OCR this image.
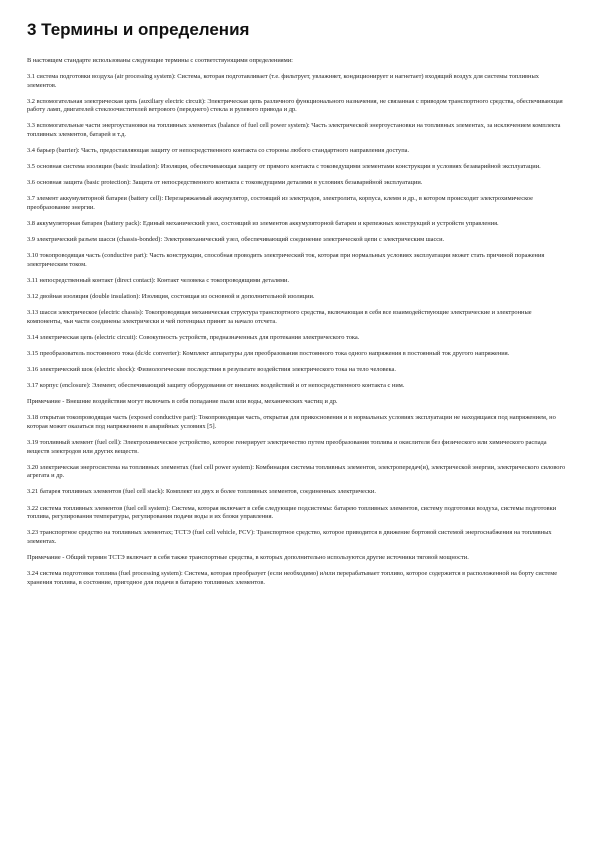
3 Термины и определения

В настоящем стандарте использованы следующие термины с соответствующими определениями:

3.1 система подготовки воздуха (air processing system): Система, которая подготавливает (т.е. фильтрует, увлажняет, кондиционирует и нагнетает) входящий воздух для системы топливных элементов.

3.2 вспомогательная электрическая цепь (auxiliary electric circuit): Электрическая цепь различного функционального назначения, не связанная с приводом транспортного средства, обеспечивающая работу ламп, двигателей стеклоочистителей ветрового (переднего) стекла и рулевого привода и др.

3.3 вспомогательные части энергоустановки на топливных элементах (balance of fuel cell power system): Часть электрической энергоустановки на топливных элементах, за исключением комплекта топливных элементов, батарей и т.д.

3.4 барьер (barrier): Часть, предоставляющая защиту от непосредственного контакта со стороны любого стандартного направления доступа.

3.5 основная система изоляции (basic insulation): Изоляция, обеспечивающая защиту от прямого контакта с токоведущими элементами конструкции в условиях безаварийной эксплуатации.

3.6 основная защита (basic protection): Защита от непосредственного контакта с токоведущими деталями в условиях безаварийной эксплуатации.

3.7 элемент аккумуляторной батареи (battery cell): Перезаряжаемый аккумулятор, состоящий из электродов, электролита, корпуса, клемм и др., в котором происходит электрохимическое преобразование энергии.

3.8 аккумуляторная батарея (battery pack): Единый механический узел, состоящий из элементов аккумуляторной батареи и крепежных конструкций и устройств управления.

3.9 электрический разъем шасси (chassis-bonded): Электромеханический узел, обеспечивающий соединение электрической цепи с электрическим шасси.

3.10 токопроводящая часть (conductive part): Часть конструкции, способная проводить электрический ток, которая при нормальных условиях эксплуатации может стать причиной поражения электрическим током.

3.11 непосредственный контакт (direct contact): Контакт человека с токопроводящими деталями.

3.12 двойная изоляция (double insulation): Изоляция, состоящая из основной и дополнительной изоляции.

3.13 шасси электрическое (electric chassis): Токопроводящая механическая структура транспортного средства, включающая в себя все взаимодействующие электрические и электронные компоненты, чьи части соединены электрически и чей потенциал принят за начало отсчета.

3.14 электрическая цепь (electric circuit): Совокупность устройств, предназначенных для протекания электрического тока.

3.15 преобразователь постоянного тока (dc/dc converter): Комплект аппаратуры для преобразования постоянного тока одного напряжения в постоянный ток другого напряжения.

3.16 электрический шок (electric shock): Физиологические последствия в результате воздействия электрического тока на тело человека.

3.17 корпус (enclosure): Элемент, обеспечивающий защиту оборудования от внешних воздействий и от непосредственного контакта с ним.

Примечание - Внешние воздействия могут включать в себя попадание пыли или воды, механических частиц и др.

3.18 открытая токопроводящая часть (exposed conductive part): Токопроводящая часть, открытая для прикосновения и в нормальных условиях эксплуатации не находящаяся под напряжением, но которая может оказаться под напряжением в аварийных условиях [5].

3.19 топливный элемент (fuel cell): Электрохимическое устройство, которое генерирует электричество путем преобразования топлива и окислителя без физического или химического распада веществ электродов или других веществ.

3.20 электрическая энергосистема на топливных элементах (fuel cell power system): Комбинация системы топливных элементов, электропередач(и), электрической энергии, электрического силового агрегата и др.

3.21 батарея топливных элементов (fuel cell stack): Комплект из двух и более топливных элементов, соединенных электрически.

3.22 система топливных элементов (fuel cell system): Система, которая включает в себя следующие подсистемы: батарею топливных элементов, систему подготовки воздуха, системы подготовки топлива, регулирования температуры, регулирования подачи воды и их блоки управления.

3.23 транспортное средство на топливных элементах; ТСТЭ (fuel cell vehicle, FCV): Транспортное средство, которое приводится в движение бортовой системой энергоснабжения на топливных элементах.

Примечание - Общий термин ТСТЭ включает в себя также транспортные средства, в которых дополнительно используются другие источники тяговой мощности.

3.24 система подготовки топлива (fuel processing system): Система, которая преобразует (если необходимо) и/или перерабатывает топливо, которое содержится в расположенной на борту системе хранения топлива, в состояние, пригодное для подачи в батарею топливных элементов.
